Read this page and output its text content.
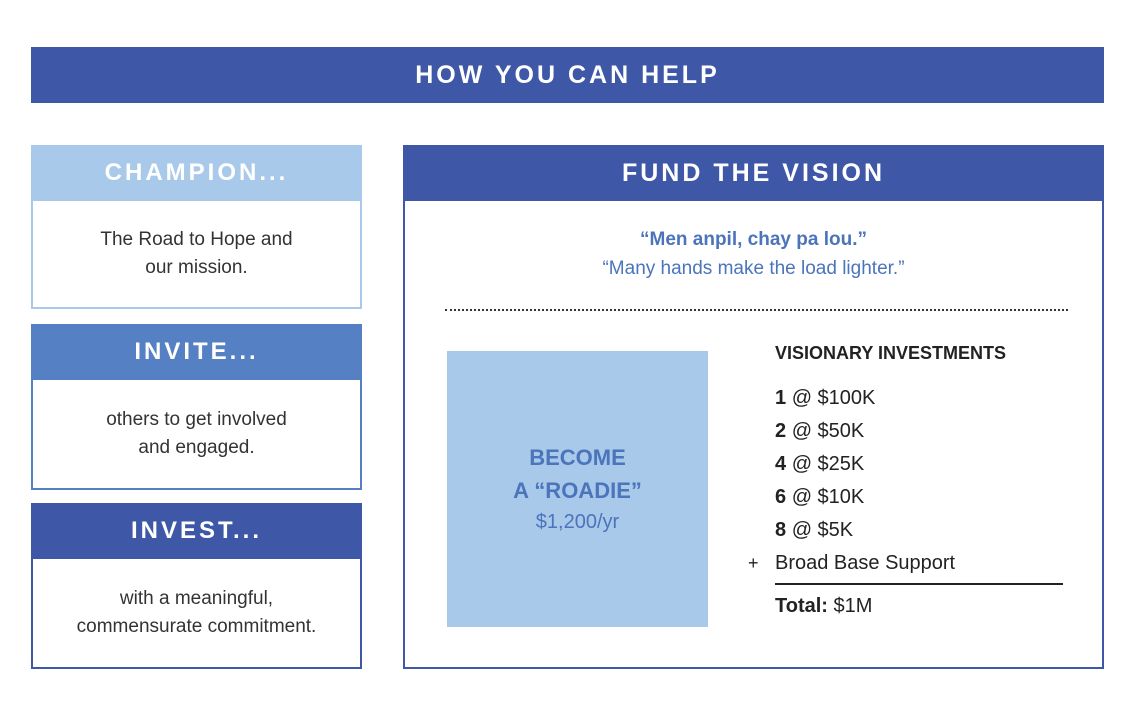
HOW YOU CAN HELP
CHAMPION...
The Road to Hope and
our mission.
INVITE...
others to get involved
and engaged.
INVEST...
with a meaningful,
commensurate commitment.
FUND THE VISION
“Men anpil, chay pa lou.”
“Many hands make the load lighter.”
BECOME
A “ROADIE”
$1,200/yr
VISIONARY INVESTMENTS
1 @ $100K
2 @ $50K
4 @ $25K
6 @ $10K
8 @ $5K
+ Broad Base Support
Total: $1M
